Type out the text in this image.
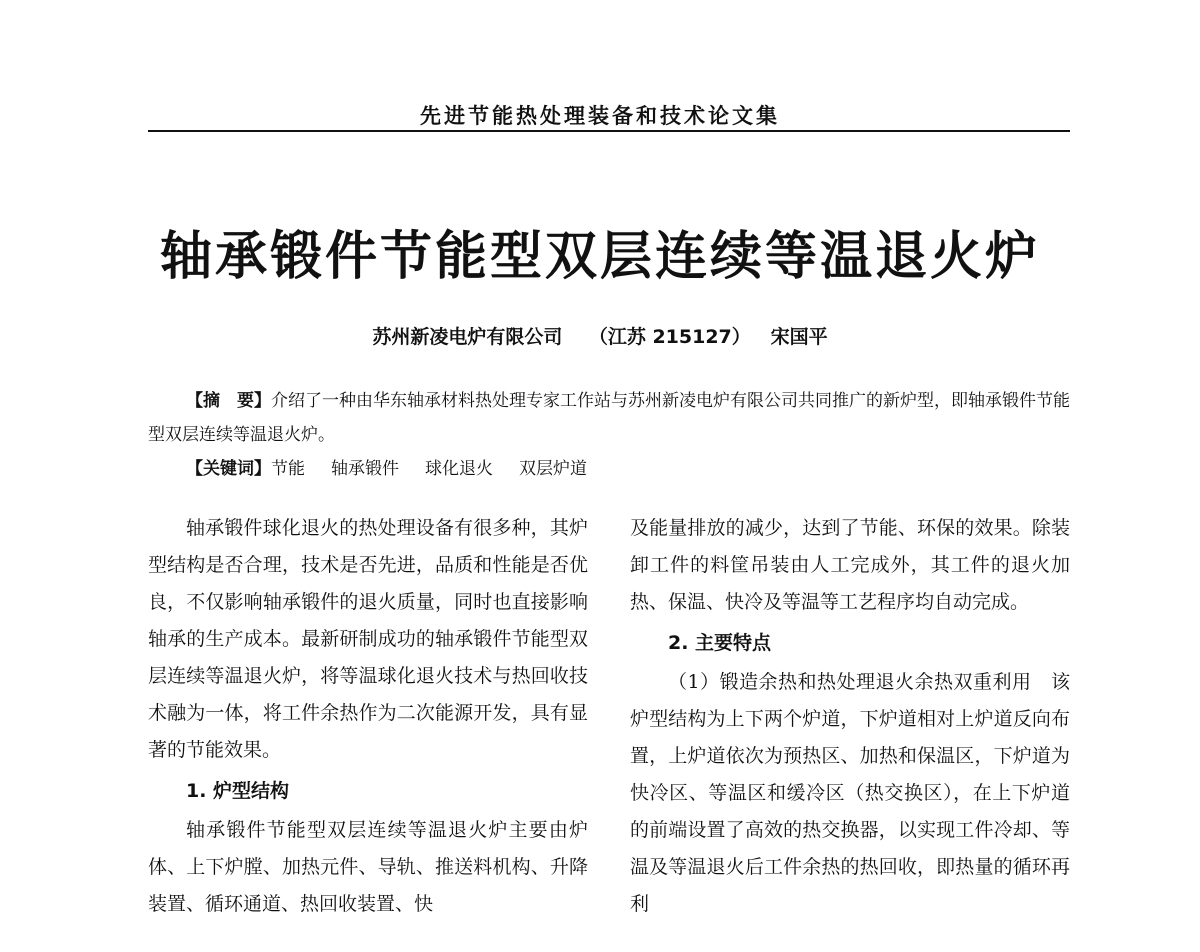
先进节能热处理装备和技术论文集
轴承锻件节能型双层连续等温退火炉
苏州新凌电炉有限公司 （江苏 215127） 宋国平

【摘　要】介绍了一种由华东轴承材料热处理专家工作站与苏州新凌电炉有限公司共同推广的新炉型，即轴承锻件节能型双层连续等温退火炉。

【关键词】节能 轴承锻件 球化退火 双层炉道

轴承锻件球化退火的热处理设备有很多种，其炉型结构是否合理，技术是否先进，品质和性能是否优良，不仅影响轴承锻件的退火质量，同时也直接影响轴承的生产成本。最新研制成功的轴承锻件节能型双层连续等温退火炉，将等温球化退火技术与热回收技术融为一体，将工件余热作为二次能源开发，具有显著的节能效果。

1. 炉型结构

轴承锻件节能型双层连续等温退火炉主要由炉体、上下炉膛、加热元件、导轨、推送料机构、升降装置、循环通道、热回收装置、快

及能量排放的减少，达到了节能、环保的效果。除装卸工件的料筐吊装由人工完成外，其工件的退火加热、保温、快冷及等温等工艺程序均自动完成。

2. 主要特点

（1）锻造余热和热处理退火余热双重利用　 该炉型结构为上下两个炉道，下炉道相对上炉道反向布置，上炉道依次为预热区、加热和保温区，下炉道为快冷区、等温区和缓冷区（热交换区），在上下炉道的前端设置了高效的热交换器，以实现工件冷却、等温及等温退火后工件余热的热回收，即热量的循环再利
